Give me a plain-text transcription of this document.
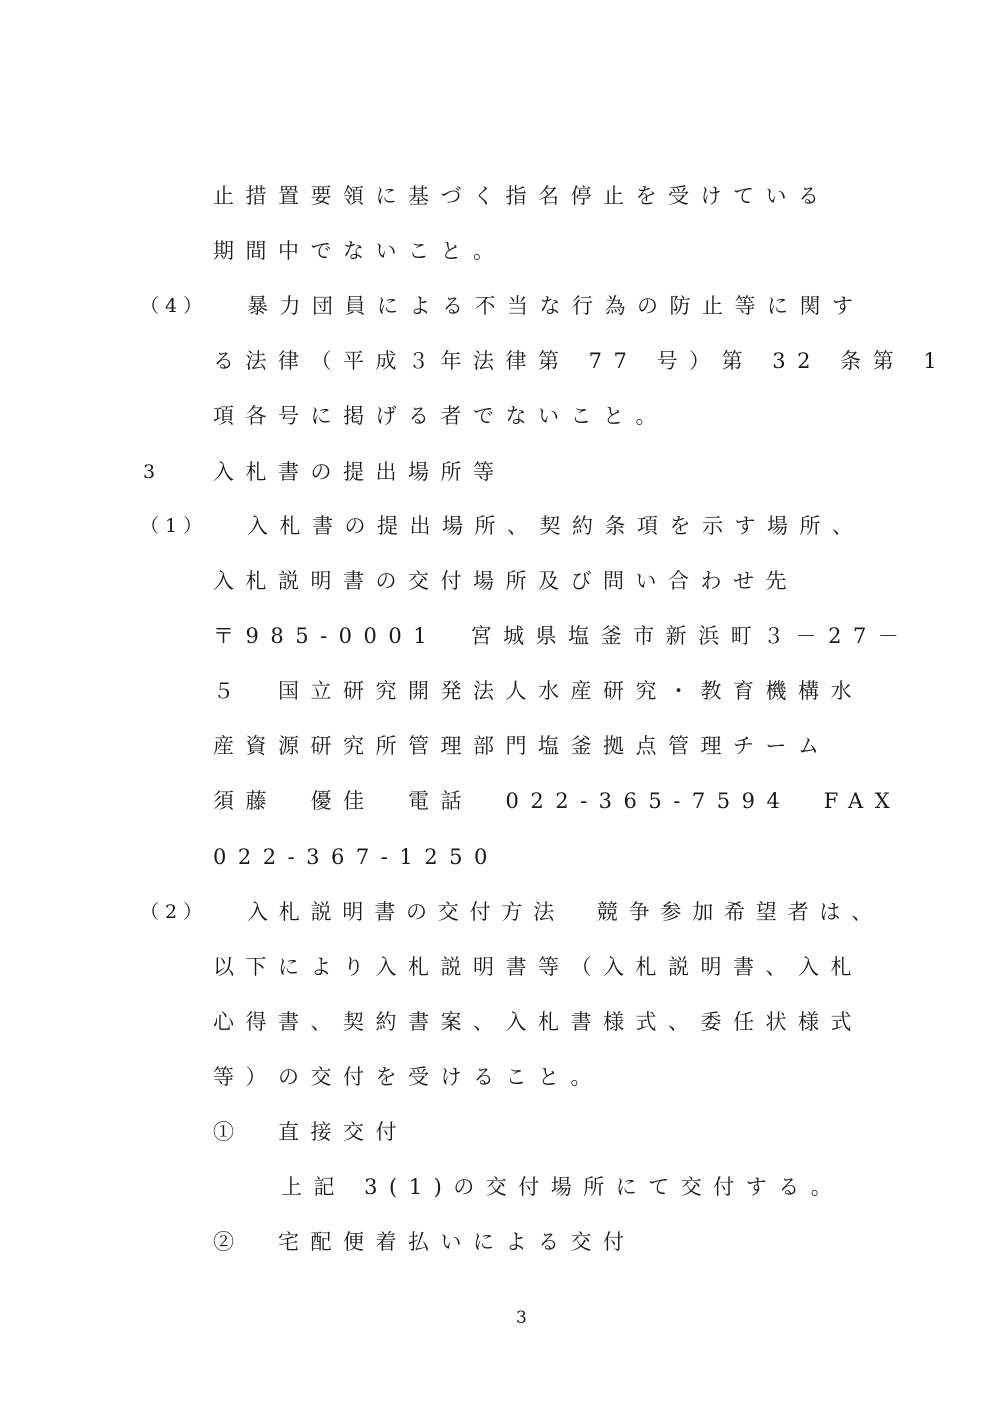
止措置要領に基づく指名停止を受けている
期間中でないこと。
（4） 暴力団員による不当な行為の防止等に関す
る法律（平成３年法律第 77 号）第 32 条第 1
項各号に掲げる者でないこと。
3 入札書の提出場所等
（1） 入札書の提出場所、契約条項を示す場所、
入札説明書の交付場所及び問い合わせ先
〒985-0001　宮城県塩釜市新浜町３－27－
５　国立研究開発法人水産研究・教育機構水
産資源研究所管理部門塩釜拠点管理チーム
須藤　優佳　電話　022-365-7594　FAX
022-367-1250
（2） 入札説明書の交付方法　競争参加希望者は、
以下により入札説明書等（入札説明書、入札
心得書、契約書案、入札書様式、委任状様式
等）の交付を受けること。
①　直接交付
上記 3(1)の交付場所にて交付する。
②　宅配便着払いによる交付
3
